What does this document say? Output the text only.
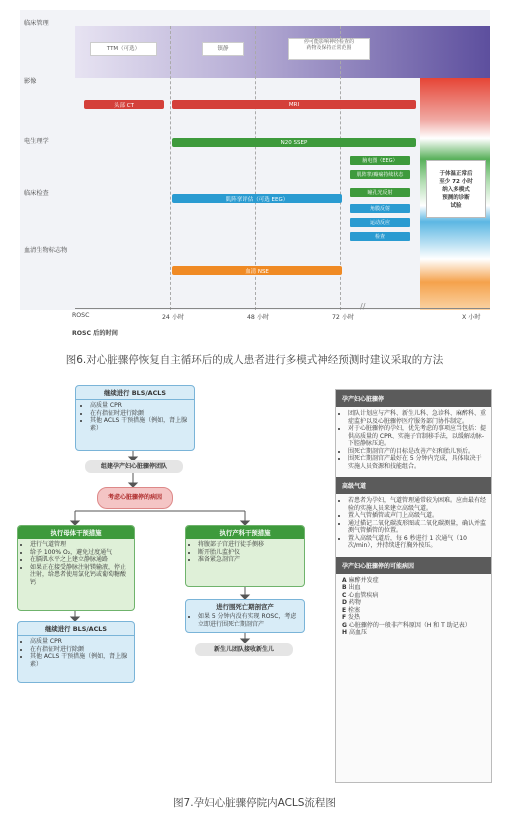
临床管理
影像
电生理学
临床检查
血清生物标志物
TTM（可选）	镇静
停可能影响神经检查的
药物及保持正常范围
头部 CT	MRI
N20 SSEP
脑电图（EEG）
肌阵挛/癫痫持续状态
瞳孔光反射
于体温正常后
至少 72 小时
纳入多模式
预测的诊断
试验
肌阵挛评估（可选 EEG）
角膜反射
运动反应
检查
血清 NSE
ROSC	24 小时	48 小时	72 小时
//
X 小时
ROSC 后的时间
图6.对心脏骤停恢复自主循环后的成人患者进行多模式神经预测时建议采取的方法
继续进行 BLS/ACLS
• 高质量 CPR
• 在有指征时进行除颤
• 其他 ACLS 干预措施（例如，肾上腺素）
组建孕产妇心脏骤停团队
考虑心脏骤停的病因
执行母体干预措施
• 进行气道管理
• 给予 100% O₂，避免过度通气
• 在膈肌水平之上建立静脉通路
• 如果正在接受静脉注射镁输液，停止注射，给患者使用氯化钙或葡萄糖酸钙
执行产科干预措施
• 将腹部子宫进行徒手侧移
• 断开胎儿监护仪
• 准备紧急剖宫产
继续进行 BLS/ACLS
• 高质量 CPR
• 在有指征时进行除颤
• 其他 ACLS 干预措施（例如，肾上腺素）
进行围死亡期剖宫产
• 如果 5 分钟内没有实现 ROSC，考虑立即进行围死亡期剖宫产
新生儿团队接收新生儿
孕产妇心脏骤停
• 团队计划应与产科、新生儿科、急诊科、麻醉科、重症监护以及心脏骤停医疗服务部门协作制定。
• 对于心脏骤停的孕妇，优先考虑的事项应当包括：提供高质量的 CPR、实施子宫制移手法，以缓解动脉-下腔静脉压迫。
• 围死亡期剖宫产的目标是改善产妇和胎儿预后。
• 围死亡期剖宫产最好在 5 分钟内完成，具体取决于实施人员资源和技能组合。
高级气道
• 若患者为孕妇，气道管理通常较为困难。应由最有经验的实施人员来建立高级气道。
• 置入气管插管或声门上高级气道。
• 通过描记二氧化碳波形图或二氧化碳测量，确认并监测气管插管的位置。
• 置入高级气道后，每 6 秒进行 1 次通气（10 次/min），并持续进行胸外按压。
孕产妇心脏骤停的可能病因
A 麻醉并发症
B 出血
C 心血管疾病
D 药物
E 栓塞
F 发热
G 心脏骤停的一般非产科原因（H 和 T 助记表）
H 高血压
图7.孕妇心脏骤停院内ACLS流程图
